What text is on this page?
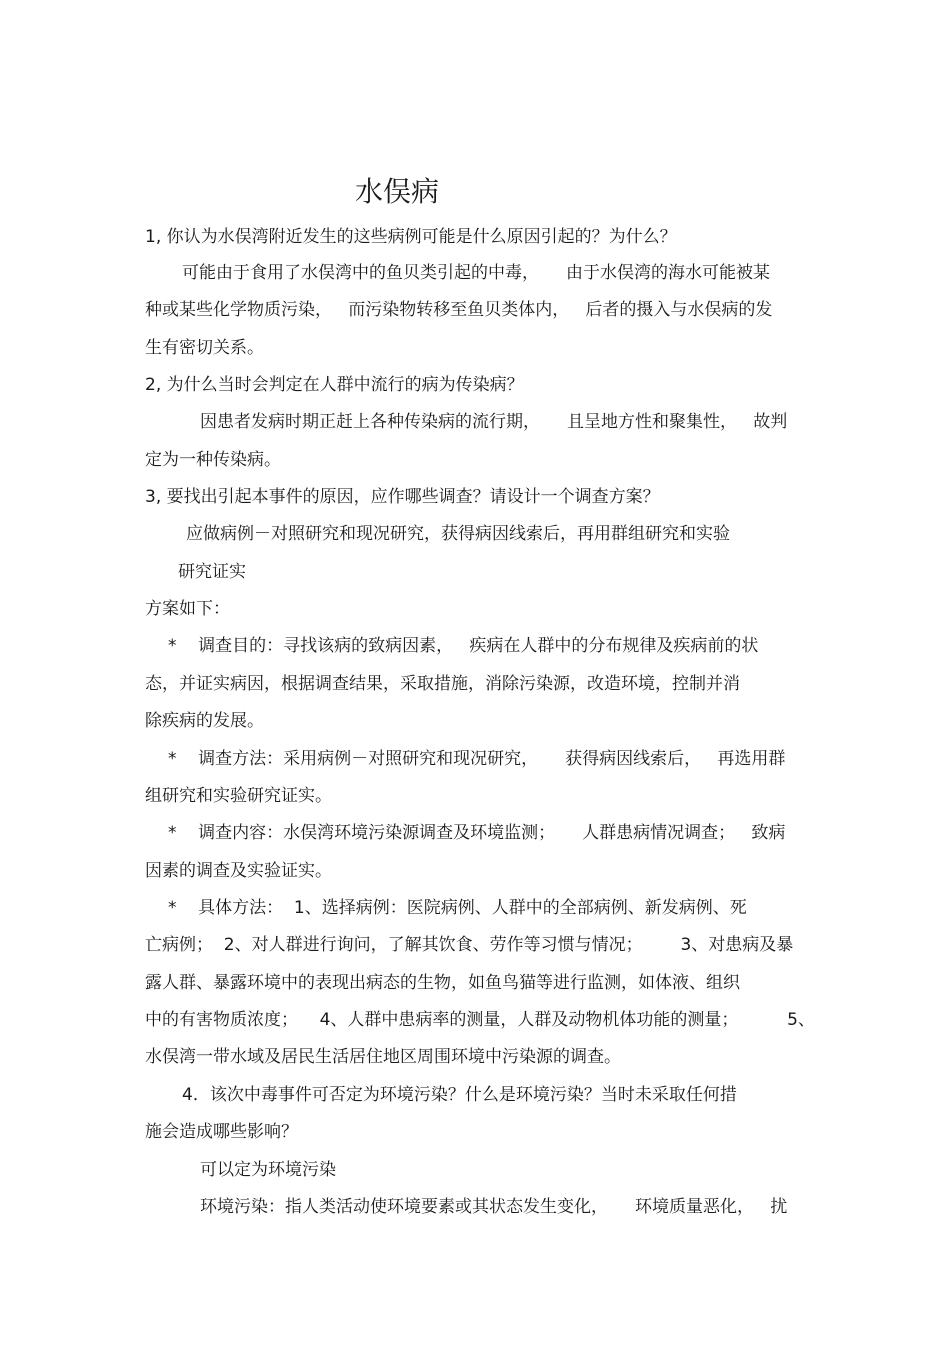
水俣病

1, 你认为水俣湾附近发生的这些病例可能是什么原因引起的？为什么？

可能由于食用了水俣湾中的鱼贝类引起的中毒，     由于水俣湾的海水可能被某

种或某些化学物质污染，   而污染物转移至鱼贝类体内，   后者的摄入与水俣病的发

生有密切关系。

2, 为什么当时会判定在人群中流行的病为传染病？

因患者发病时期正赶上各种传染病的流行期，     且呈地方性和聚集性，   故判

定为一种传染病。

3, 要找出引起本事件的原因，应作哪些调查？请设计一个调查方案？

应做病例－对照研究和现况研究，获得病因线索后，再用群组研究和实验

研究证实

方案如下：

*    调查目的：寻找该病的致病因素，   疾病在人群中的分布规律及疾病前的状

态，并证实病因，根据调查结果，采取措施，消除污染源，改造环境，控制并消

除疾病的发展。

*    调查方法：采用病例－对照研究和现况研究，     获得病因线索后，   再选用群

组研究和实验研究证实。

*    调查内容：水俣湾环境污染源调查及环境监测；     人群患病情况调查；   致病

因素的调查及实验证实。

*    具体方法：  1、选择病例：医院病例、人群中的全部病例、新发病例、死

亡病例；  2、对人群进行询问，了解其饮食、劳作等习惯与情况；       3、对患病及暴

露人群、暴露环境中的表现出病态的生物，如鱼鸟猫等进行监测，如体液、组织

中的有害物质浓度；    4、人群中患病率的测量，人群及动物机体功能的测量；         5、

水俣湾一带水域及居民生活居住地区周围环境中污染源的调查。

4．该次中毒事件可否定为环境污染？什么是环境污染？当时未采取任何措

施会造成哪些影响？

可以定为环境污染

环境污染：指人类活动使环境要素或其状态发生变化，     环境质量恶化，   扰
